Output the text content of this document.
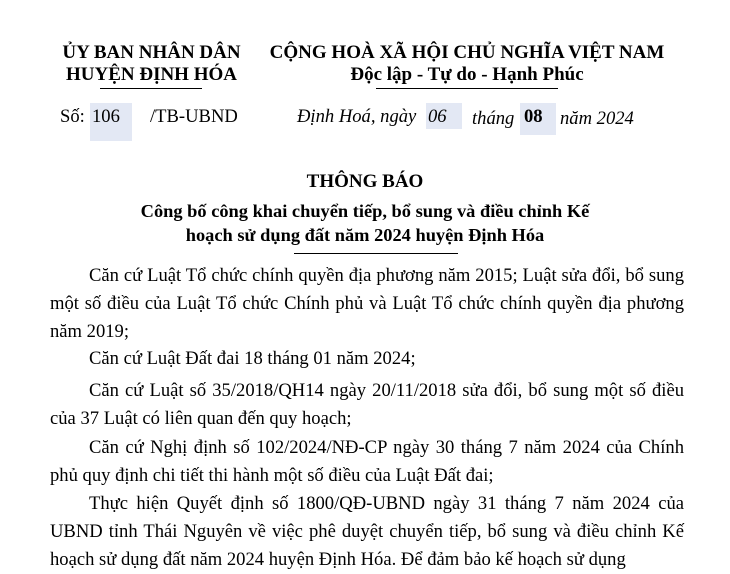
ỦY BAN NHÂN DÂN
HUYỆN ĐỊNH HÓA
CỘNG HOÀ XÃ HỘI CHỦ NGHĨA VIỆT NAM
Độc lập - Tự do - Hạnh Phúc
Số: 106	/TB-UBND	Định Hoá, ngày 06	tháng 08 năm 2024
THÔNG BÁO
Công bố công khai chuyển tiếp, bổ sung và điều chỉnh Kế
hoạch sử dụng đất năm 2024 huyện Định Hóa
Căn cứ Luật Tổ chức chính quyền địa phương năm 2015; Luật sửa đổi, bổ sung một số điều của Luật Tổ chức Chính phủ và Luật Tổ chức chính quyền địa phương năm 2019;
Căn cứ Luật Đất đai 18 tháng 01 năm 2024;
Căn cứ Luật số 35/2018/QH14 ngày 20/11/2018 sửa đổi, bổ sung một số điều của 37 Luật có liên quan đến quy hoạch;
Căn cứ Nghị định số 102/2024/NĐ-CP ngày 30 tháng 7 năm 2024 của Chính phủ quy định chi tiết thi hành một số điều của Luật Đất đai;
Thực hiện Quyết định số 1800/QĐ-UBND ngày 31 tháng 7 năm 2024 của UBND tỉnh Thái Nguyên về việc phê duyệt chuyển tiếp, bổ sung và điều chỉnh Kế hoạch sử dụng đất năm 2024 huyện Định Hóa. Để đảm bảo kế hoạch sử dụng
